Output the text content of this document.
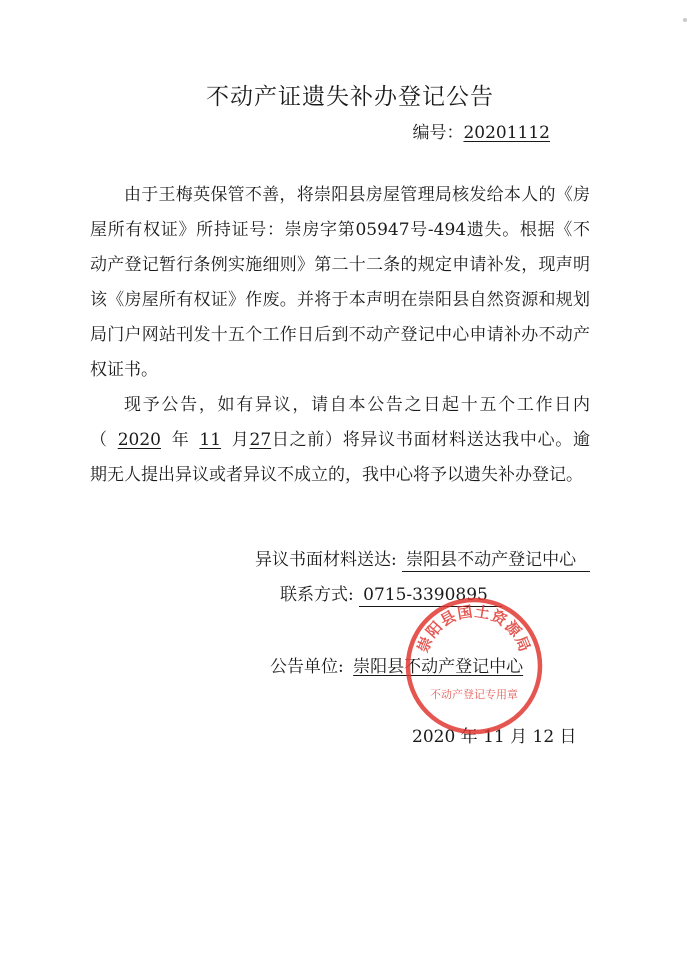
不动产证遗失补办登记公告
编号：20201112

由于王梅英保管不善，将崇阳县房屋管理局核发给本人的《房屋所有权证》所持证号：崇房字第05947号-494遗失。根据《不动产登记暂行条例实施细则》第二十二条的规定申请补发，现声明该《房屋所有权证》作废。并将于本声明在崇阳县自然资源和规划局门户网站刊发十五个工作日后到不动产登记中心申请补办不动产权证书。

现予公告，如有异议，请自本公告之日起十五个工作日内（ 2020 年 11 月27日之前）将异议书面材料送达我中心。逾期无人提出异议或者异议不成立的，我中心将予以遗失补办登记。

异议书面材料送达: 崇阳县不动产登记中心
联系方式: 0715-3390895
公告单位: 崇阳县不动产登记中心
2020 年 11 月 12 日
崇阳县国土资源局
不动产登记专用章
